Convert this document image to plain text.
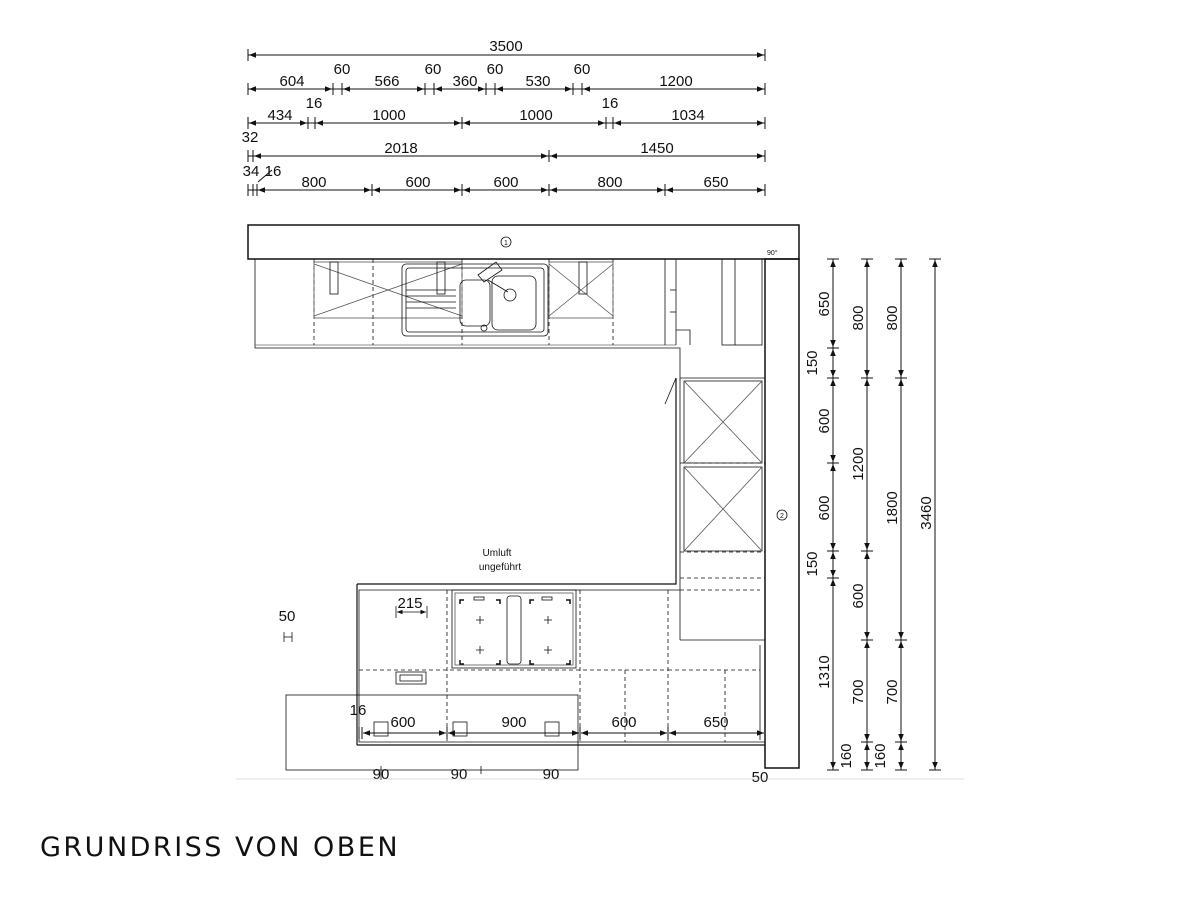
3500
604
60
566
60
360
60
530
60
1200
434
16
1000	1000
16
1034
32
2018	1450
34 16
800	600	600	800	650
1
2
90°
215
50
Umluft
ungeführt
16
600	900	600	650
90	90	90	50
650
150
600
600
150
1310
800
1200
600
700
160
800
1800
700
160
3460
GRUNDRISS VON OBEN
